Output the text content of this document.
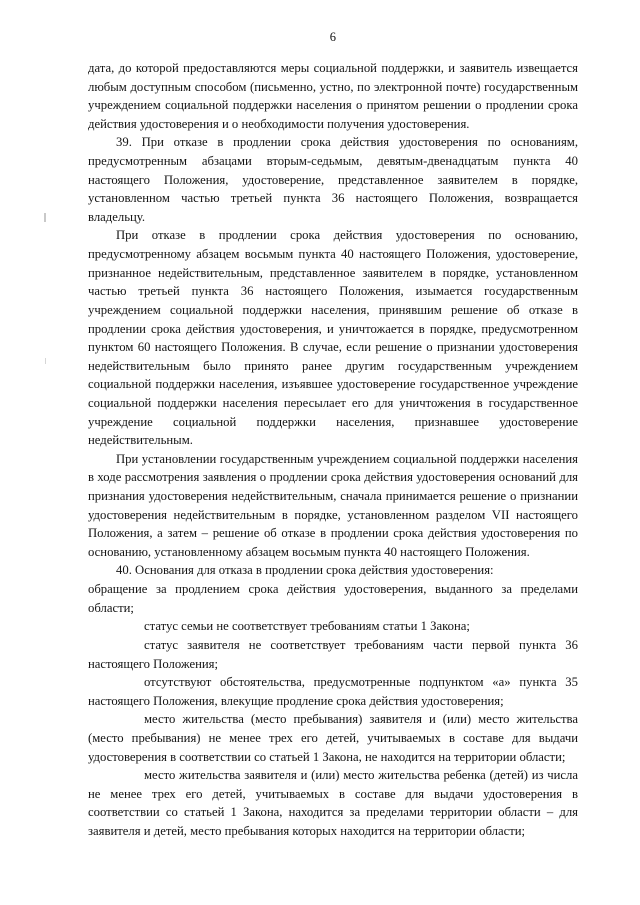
6

дата, до которой предоставляются меры социальной поддержки, и заявитель извещается любым доступным способом (письменно, устно, по электронной почте) государственным учреждением социальной поддержки населения о принятом решении о продлении срока действия удостоверения и о необходимости получения удостоверения.

39. При отказе в продлении срока действия удостоверения по основаниям, предусмотренным абзацами вторым-седьмым, девятым-двенадцатым пункта 40 настоящего Положения, удостоверение, представленное заявителем в порядке, установленном частью третьей пункта 36 настоящего Положения, возвращается владельцу.

При отказе в продлении срока действия удостоверения по основанию, предусмотренному абзацем восьмым пункта 40 настоящего Положения, удостоверение, признанное недействительным, представленное заявителем в порядке, установленном частью третьей пункта 36 настоящего Положения, изымается государственным учреждением социальной поддержки населения, принявшим решение об отказе в продлении срока действия удостоверения, и уничтожается в порядке, предусмотренном пунктом 60 настоящего Положения. В случае, если решение о признании удостоверения недействительным было принято ранее другим государственным учреждением социальной поддержки населения, изъявшее удостоверение государственное учреждение социальной поддержки населения пересылает его для уничтожения в государственное учреждение социальной поддержки населения, признавшее удостоверение недействительным.

При установлении государственным учреждением социальной поддержки населения в ходе рассмотрения заявления о продлении срока действия удостоверения оснований для признания удостоверения недействительным, сначала принимается решение о признании удостоверения недействительным в порядке, установленном разделом VII настоящего Положения, а затем – решение об отказе в продлении срока действия удостоверения по основанию, установленному абзацем восьмым пункта 40 настоящего Положения.

40. Основания для отказа в продлении срока действия удостоверения:

обращение за продлением срока действия удостоверения, выданного за пределами области;

статус семьи не соответствует требованиям статьи 1 Закона;

статус заявителя не соответствует требованиям части первой пункта 36 настоящего Положения;

отсутствуют обстоятельства, предусмотренные подпунктом «а» пункта 35 настоящего Положения, влекущие продление срока действия удостоверения;

место жительства (место пребывания) заявителя и (или) место жительства (место пребывания) не менее трех его детей, учитываемых в составе для выдачи удостоверения в соответствии со статьей 1 Закона, не находится на территории области;

место жительства заявителя и (или) место жительства ребенка (детей) из числа не менее трех его детей, учитываемых в составе для выдачи удостоверения в соответствии со статьей 1 Закона, находится за пределами территории области – для заявителя и детей, место пребывания которых находится на территории области;
